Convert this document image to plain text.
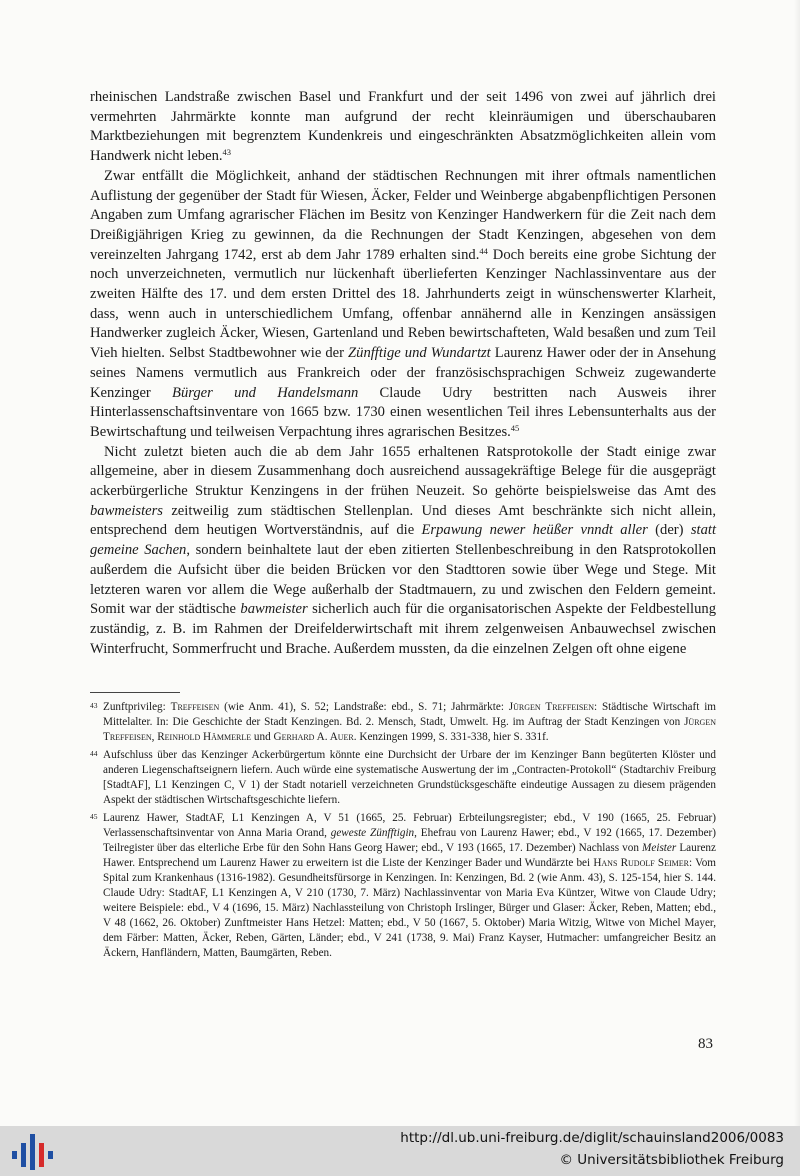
rheinischen Landstraße zwischen Basel und Frankfurt und der seit 1496 von zwei auf jährlich drei vermehrten Jahrmärkte konnte man aufgrund der recht kleinräumigen und überschaubaren Marktbeziehungen mit begrenztem Kundenkreis und eingeschränkten Absatzmöglichkeiten allein vom Handwerk nicht leben.$^{43}$

Zwar entfällt die Möglichkeit, anhand der städtischen Rechnungen mit ihrer oftmals namentlichen Auflistung der gegenüber der Stadt für Wiesen, Äcker, Felder und Weinberge abgabenpflichtigen Personen Angaben zum Umfang agrarischer Flächen im Besitz von Kenzinger Handwerkern für die Zeit nach dem Dreißigjährigen Krieg zu gewinnen, da die Rechnungen der Stadt Kenzingen, abgesehen von dem vereinzelten Jahrgang 1742, erst ab dem Jahr 1789 erhalten sind.$^{44}$ Doch bereits eine grobe Sichtung der noch unverzeichneten, vermutlich nur lückenhaft überlieferten Kenzinger Nachlassinventare aus der zweiten Hälfte des 17. und dem ersten Drittel des 18. Jahrhunderts zeigt in wünschenswerter Klarheit, dass, wenn auch in unterschiedlichem Umfang, offenbar annähernd alle in Kenzingen ansässigen Handwerker zugleich Äcker, Wiesen, Gartenland und Reben bewirtschafteten, Wald besaßen und zum Teil Vieh hielten. Selbst Stadtbewohner wie der Zünfftige und Wundartzt Laurenz Hawer oder der in Ansehung seines Namens vermutlich aus Frankreich oder der französischsprachigen Schweiz zugewanderte Kenzinger Bürger und Handelsmann Claude Udry bestritten nach Ausweis ihrer Hinterlassenschaftsinventare von 1665 bzw. 1730 einen wesentlichen Teil ihres Lebensunterhalts aus der Bewirtschaftung und teilweisen Verpachtung ihres agrarischen Besitzes.$^{45}$

Nicht zuletzt bieten auch die ab dem Jahr 1655 erhaltenen Ratsprotokolle der Stadt einige zwar allgemeine, aber in diesem Zusammenhang doch ausreichend aussagekräftige Belege für die ausgeprägt ackerbürgerliche Struktur Kenzingens in der frühen Neuzeit. So gehörte beispielsweise das Amt des bawmeisters zeitweilig zum städtischen Stellenplan. Und dieses Amt beschränkte sich nicht allein, entsprechend dem heutigen Wortverständnis, auf die Erpawung newer heüßer vnndt aller (der) statt gemeine Sachen, sondern beinhaltete laut der eben zitierten Stellenbeschreibung in den Ratsprotokollen außerdem die Aufsicht über die beiden Brücken vor den Stadttoren sowie über Wege und Stege. Mit letzteren waren vor allem die Wege außerhalb der Stadtmauern, zu und zwischen den Feldern gemeint. Somit war der städtische bawmeister sicherlich auch für die organisatorischen Aspekte der Feldbestellung zuständig, z. B. im Rahmen der Dreifelderwirtschaft mit ihrem zelgenweisen Anbauwechsel zwischen Winterfrucht, Sommerfrucht und Brache. Außerdem mussten, da die einzelnen Zelgen oft ohne eigene

43 Zunftprivileg: Treffeisen (wie Anm. 41), S. 52; Landstraße: ebd., S. 71; Jahrmärkte: Jürgen Treffeisen: Städtische Wirtschaft im Mittelalter. In: Die Geschichte der Stadt Kenzingen. Bd. 2. Mensch, Stadt, Umwelt. Hg. im Auftrag der Stadt Kenzingen von Jürgen Treffeisen, Reinhold Hämmerle und Gerhard A. Auer. Kenzingen 1999, S. 331-338, hier S. 331f.
44 Aufschluss über das Kenzinger Ackerbürgertum könnte eine Durchsicht der Urbare der im Kenzinger Bann begüterten Klöster und anderen Liegenschaftseignern liefern. Auch würde eine systematische Auswertung der im „Contracten-Protokoll“ (Stadtarchiv Freiburg [StadtAF], L1 Kenzingen C, V 1) der Stadt notariell verzeichneten Grundstücksgeschäfte eindeutige Aussagen zu diesem prägenden Aspekt der städtischen Wirtschaftsgeschichte liefern.
45 Laurenz Hawer, StadtAF, L1 Kenzingen A, V 51 (1665, 25. Februar) Erbteilungsregister; ebd., V 190 (1665, 25. Februar) Verlassenschaftsinventar von Anna Maria Orand, geweste Zünfftigin, Ehefrau von Laurenz Hawer; ebd., V 192 (1665, 17. Dezember) Teilregister über das elterliche Erbe für den Sohn Hans Georg Hawer; ebd., V 193 (1665, 17. Dezember) Nachlass von Meister Laurenz Hawer. Entsprechend um Laurenz Hawer zu erweitern ist die Liste der Kenzinger Bader und Wundärzte bei Hans Rudolf Seimer: Vom Spital zum Krankenhaus (1316-1982). Gesundheitsfürsorge in Kenzingen. In: Kenzingen, Bd. 2 (wie Anm. 43), S. 125-154, hier S. 144. Claude Udry: StadtAF, L1 Kenzingen A, V 210 (1730, 7. März) Nachlassinventar von Maria Eva Küntzer, Witwe von Claude Udry; weitere Beispiele: ebd., V 4 (1696, 15. März) Nachlassteilung von Christoph Irslinger, Bürger und Glaser: Äcker, Reben, Matten; ebd., V 48 (1662, 26. Oktober) Zunftmeister Hans Hetzel: Matten; ebd., V 50 (1667, 5. Oktober) Maria Witzig, Witwe von Michel Mayer, dem Färber: Matten, Äcker, Reben, Gärten, Länder; ebd., V 241 (1738, 9. Mai) Franz Kayser, Hutmacher: umfangreicher Besitz an Äckern, Hanfländern, Matten, Baumgärten, Reben.
83
http://dl.ub.uni-freiburg.de/diglit/schauinsland2006/0083
© Universitätsbibliothek Freiburg
